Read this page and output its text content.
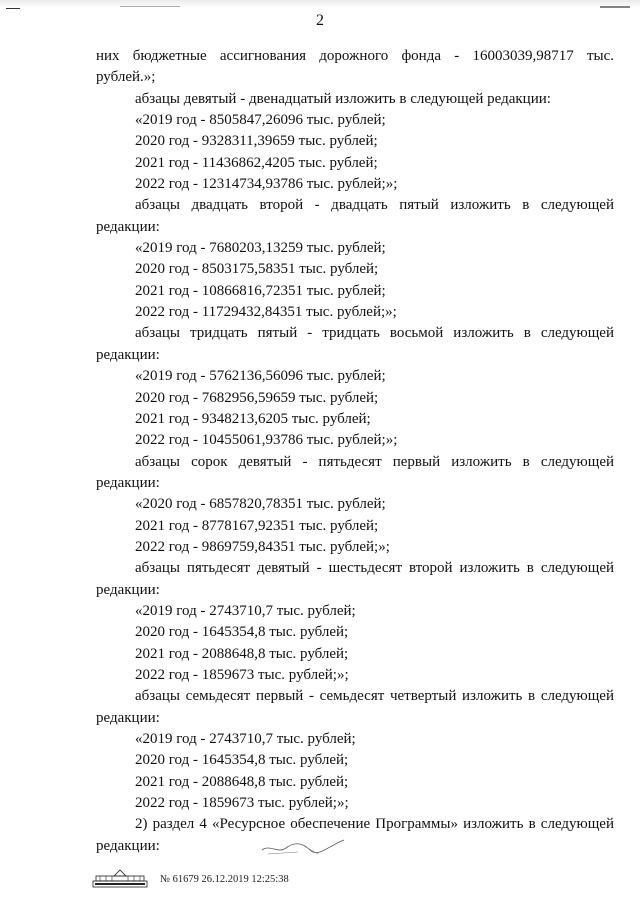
2
них бюджетные ассигнования дорожного фонда - 16003039,98717 тыс.
рублей.»;
абзацы девятый - двенадцатый изложить в следующей редакции:
«2019 год - 8505847,26096 тыс. рублей;
2020 год - 9328311,39659 тыс. рублей;
2021 год - 11436862,4205 тыс. рублей;
2022 год - 12314734,93786 тыс. рублей;»;
абзацы двадцать второй - двадцать пятый изложить в следующей
редакции:
«2019 год - 7680203,13259 тыс. рублей;
2020 год - 8503175,58351 тыс. рублей;
2021 год - 10866816,72351 тыс. рублей;
2022 год - 11729432,84351 тыс. рублей;»;
абзацы тридцать пятый - тридцать восьмой изложить в следующей
редакции:
«2019 год - 5762136,56096 тыс. рублей;
2020 год - 7682956,59659 тыс. рублей;
2021 год - 9348213,6205 тыс. рублей;
2022 год - 10455061,93786 тыс. рублей;»;
абзацы сорок девятый - пятьдесят первый изложить в следующей
редакции:
«2020 год - 6857820,78351 тыс. рублей;
2021 год - 8778167,92351 тыс. рублей;
2022 год - 9869759,84351 тыс. рублей;»;
абзацы пятьдесят девятый - шестьдесят второй изложить в следующей
редакции:
«2019 год - 2743710,7 тыс. рублей;
2020 год - 1645354,8 тыс. рублей;
2021 год - 2088648,8 тыс. рублей;
2022 год - 1859673 тыс. рублей;»;
абзацы семьдесят первый - семьдесят четвертый изложить в следующей
редакции:
«2019 год - 2743710,7 тыс. рублей;
2020 год - 1645354,8 тыс. рублей;
2021 год - 2088648,8 тыс. рублей;
2022 год - 1859673 тыс. рублей;»;
2) раздел 4 «Ресурсное обеспечение Программы» изложить в следующей
редакции:
№ 61679 26.12.2019 12:25:38
